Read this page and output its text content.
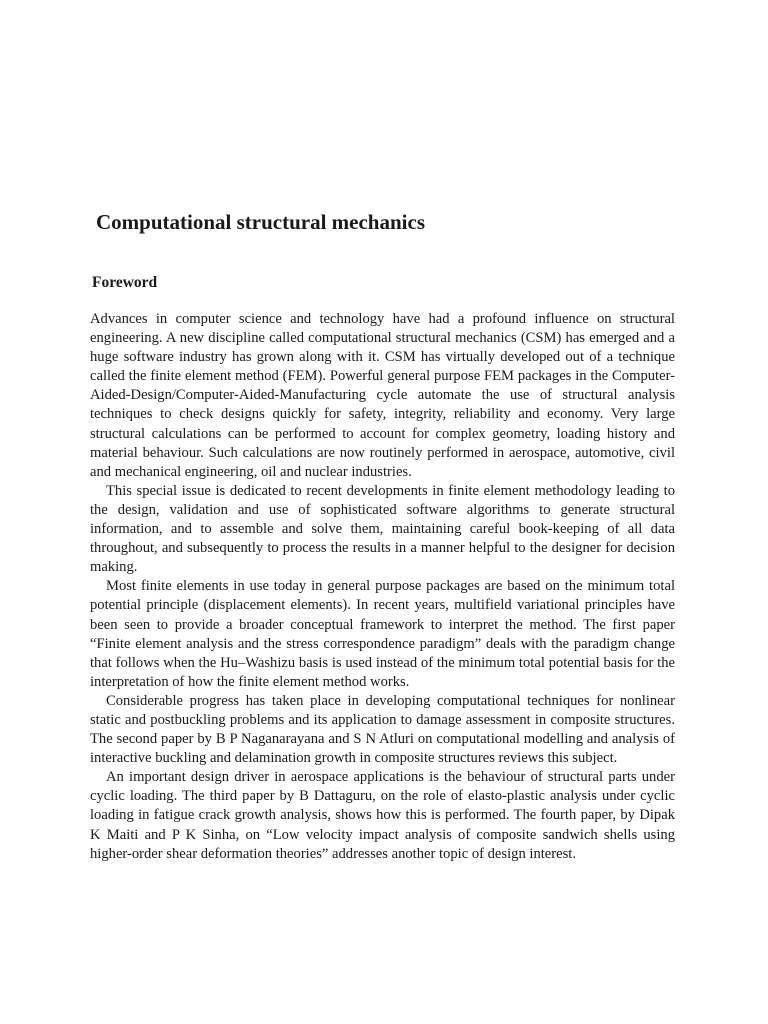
Computational structural mechanics
Foreword

Advances in computer science and technology have had a profound influence on structural engineering. A new discipline called computational structural mechanics (CSM) has emerged and a huge software industry has grown along with it. CSM has virtually developed out of a technique called the finite element method (FEM). Powerful general purpose FEM packages in the Computer-Aided-Design/Computer-Aided-Manufacturing cycle automate the use of structural analysis techniques to check designs quickly for safety, integrity, reliability and economy. Very large structural calculations can be performed to account for complex geometry, loading history and material behaviour. Such calculations are now routinely performed in aerospace, automotive, civil and mechanical engineering, oil and nuclear industries.

This special issue is dedicated to recent developments in finite element methodology leading to the design, validation and use of sophisticated software algorithms to generate structural information, and to assemble and solve them, maintaining careful book-keeping of all data throughout, and subsequently to process the results in a manner helpful to the designer for decision making.

Most finite elements in use today in general purpose packages are based on the minimum total potential principle (displacement elements). In recent years, multifield variational principles have been seen to provide a broader conceptual framework to interpret the method. The first paper “Finite element analysis and the stress correspondence paradigm” deals with the paradigm change that follows when the Hu–Washizu basis is used instead of the minimum total potential basis for the interpretation of how the finite element method works.

Considerable progress has taken place in developing computational techniques for nonlinear static and postbuckling problems and its application to damage assessment in composite structures. The second paper by B P Naganarayana and S N Atluri on computational modelling and analysis of interactive buckling and delamination growth in composite structures reviews this subject.

An important design driver in aerospace applications is the behaviour of structural parts under cyclic loading. The third paper by B Dattaguru, on the role of elasto-plastic analysis under cyclic loading in fatigue crack growth analysis, shows how this is performed. The fourth paper, by Dipak K Maiti and P K Sinha, on “Low velocity impact analysis of composite sandwich shells using higher-order shear deformation theories” addresses another topic of design interest.
